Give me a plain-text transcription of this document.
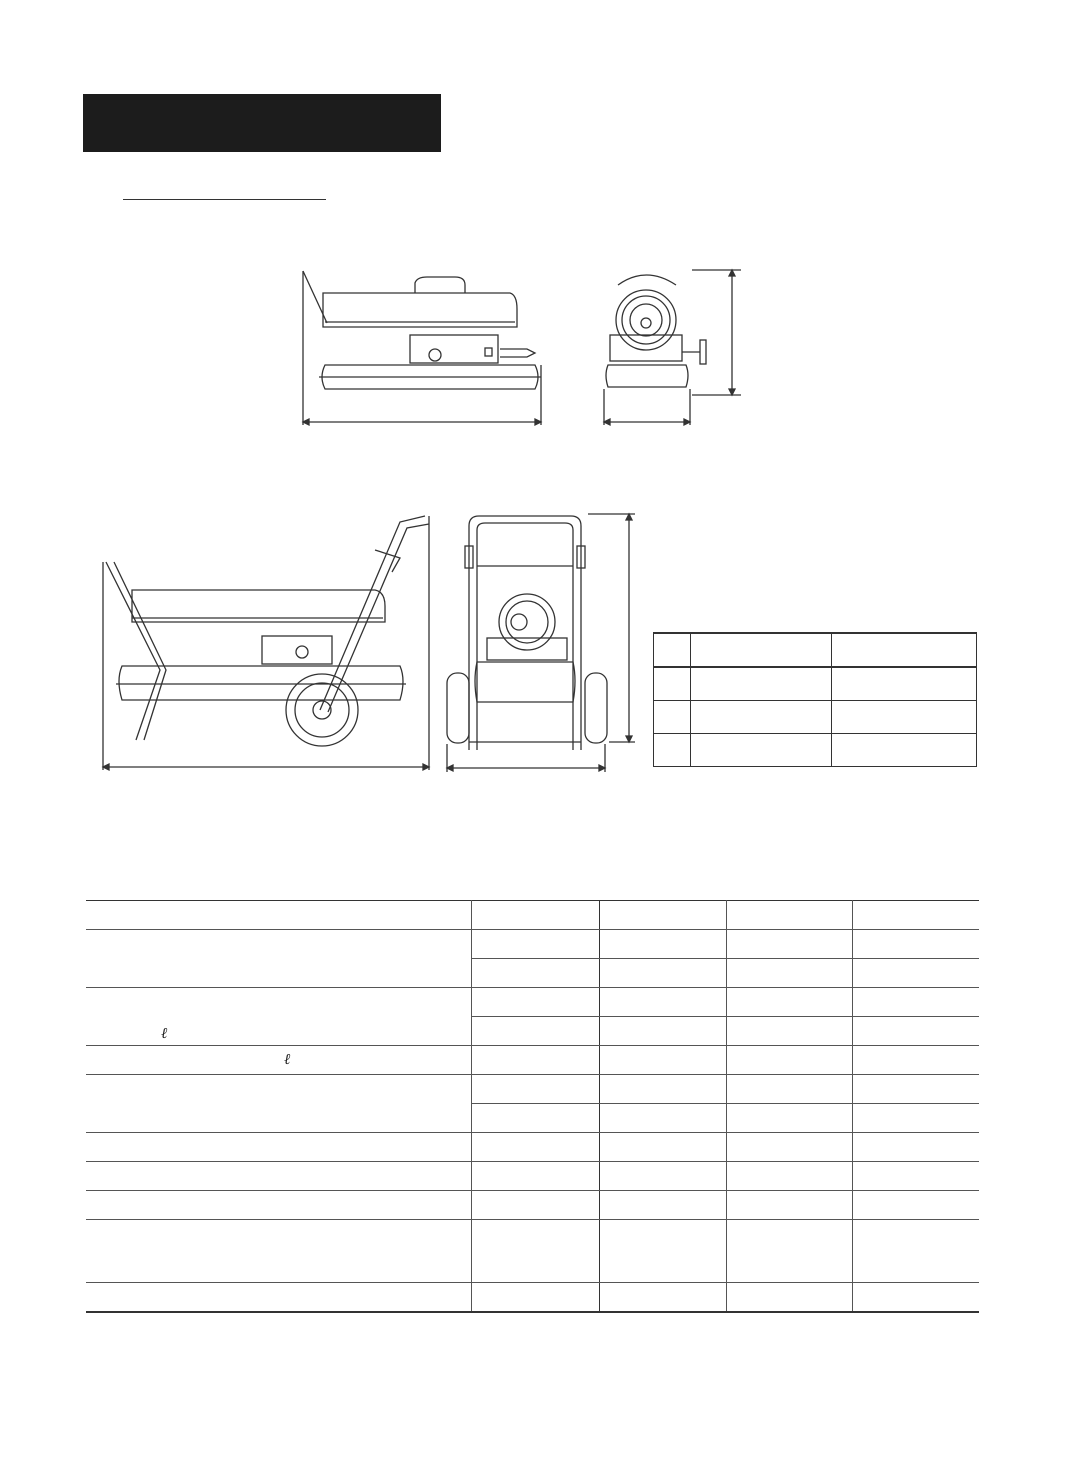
ℓ				

ℓ				
